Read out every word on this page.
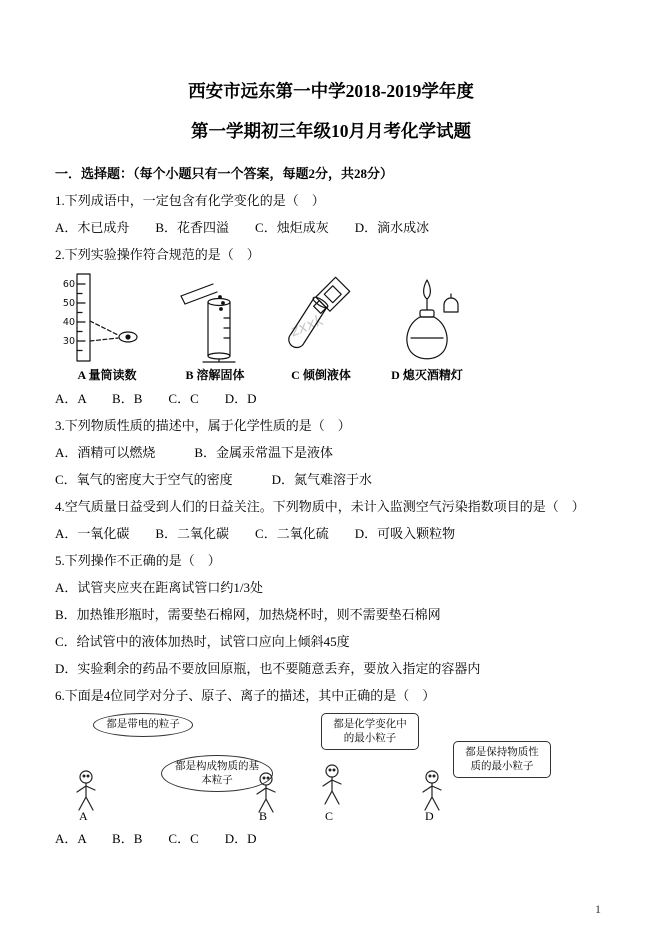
西安市远东第一中学2018-2019学年度
第一学期初三年级10月月考化学试题
一．选择题：（每个小题只有一个答案，每题2分，共28分）
1.下列成语中，一定包含有化学变化的是（　）
A．木已成舟　　B．花香四溢　　C．烛炬成灰　　D．滴水成冰
2.下列实验操作符合规范的是（　）
60
50
40
30
A 量筒读数	B 溶解固体
zxxk
C 倾倒液体	D 熄灭酒精灯
A．A　　B．B　　C．C　　D．D
3.下列物质性质的描述中，属于化学性质的是（　）
A．酒精可以燃烧　　　B．金属汞常温下是液体
C．氧气的密度大于空气的密度　　　D．氮气难溶于水
4.空气质量日益受到人们的日益关注。下列物质中，未计入监测空气污染指数项目的是（　）
A．一氧化碳　　B．二氧化碳　　C．二氧化硫　　D．可吸入颗粒物
5.下列操作不正确的是（　）
A．试管夹应夹在距离试管口约1/3处
B．加热锥形瓶时，需要垫石棉网，加热烧杯时，则不需要垫石棉网
C．给试管中的液体加热时，试管口应向上倾斜45度
D．实验剩余的药品不要放回原瓶，也不要随意丢弃，要放入指定的容器内
6.下面是4位同学对分子、原子、离子的描述，其中正确的是（　）
都是带电的粒子
都是构成物质的基本粒子
都是化学变化中的最小粒子
都是保持物质性质的最小粒子
A	B	C	D
A．A　　B．B　　C．C　　D．D
1
